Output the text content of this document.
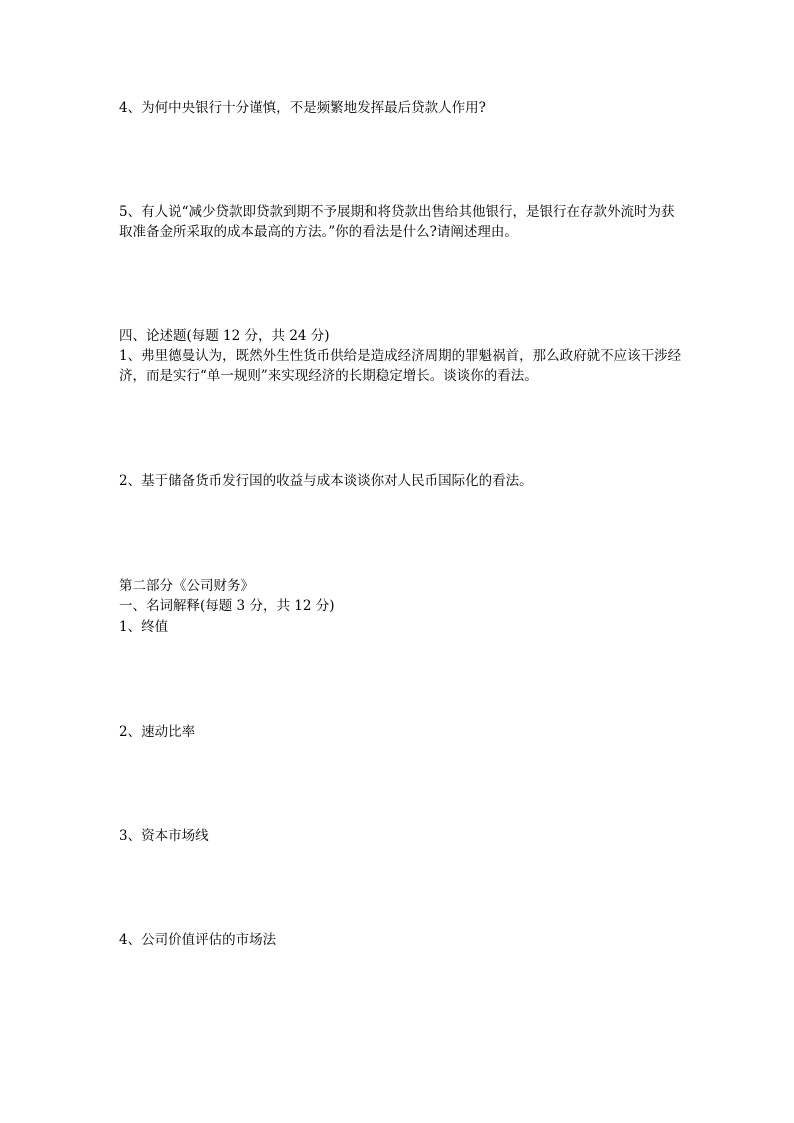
4、为何中央银行十分谨慎，不是频繁地发挥最后贷款人作用?

5、有人说“减少贷款即贷款到期不予展期和将贷款出售给其他银行，是银行在存款外流时为获取准备金所采取的成本最高的方法。”你的看法是什么?请阐述理由。

四、论述题(每题 12 分，共 24 分)

1、弗里德曼认为，既然外生性货币供给是造成经济周期的罪魁祸首，那么政府就不应该干涉经济，而是实行“单一规则”来实现经济的长期稳定增长。谈谈你的看法。

2、基于储备货币发行国的收益与成本谈谈你对人民币国际化的看法。

第二部分《公司财务》

一、名词解释(每题 3 分，共 12 分)

1、终值

2、速动比率

3、资本市场线

4、公司价值评估的市场法
